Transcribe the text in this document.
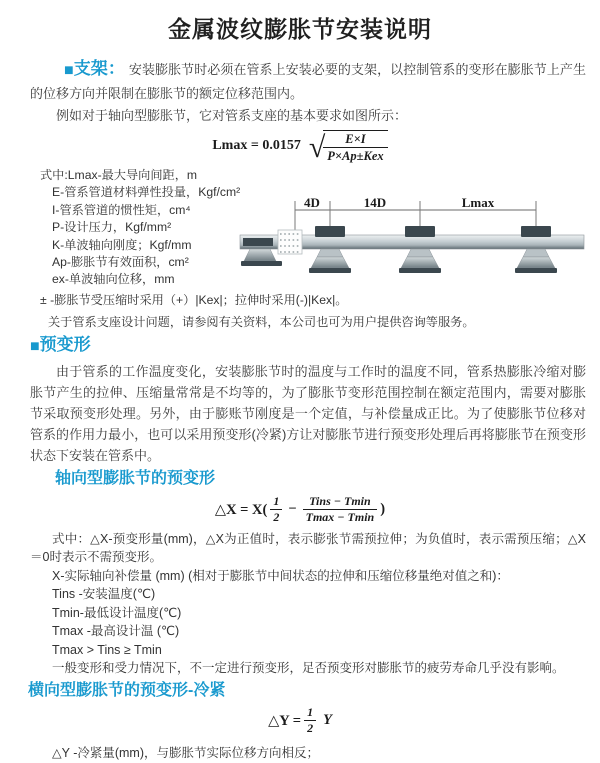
金属波纹膨胀节安装说明
■支架： 安装膨胀节时必须在管系上安装必要的支架，以控制管系的变形在膨胀节上产生的位移方向并限制在膨胀节的额定位移范围内。
例如对于轴向型膨胀节，它对管系支座的基本要求如图所示：
Lmax = 0.0157 √
$\frac{E\times I}{\text{P×Ap±Kex}}$
式中:Lmax-最大导向间距，m
E-管系管道材料弹性投量，Kgf/cm²
I-管系管道的惯性矩，cm⁴
P-设计压力，Kgf/mm²
K-单波轴向刚度；Kgf/mm
Ap-膨胀节有效面积，cm²
ex-单波轴向位移，mm
4D	14D	Lmax
± -膨胀节受压缩时采用（+）|Kex|；拉伸时采用(-)|Kex|。
关于管系支座设计问题，请参阅有关资料，本公司也可为用户提供咨询等服务。
■预变形
由于管系的工作温度变化，安装膨胀节时的温度与工作时的温度不同，管系热膨胀冷缩对膨胀节产生的拉伸、压缩量常常是不均等的，为了膨胀节变形范围控制在额定范围内，需要对膨胀节采取预变形处理。另外，由于膨账节刚度是一个定值，与补偿量成正比。为了使膨胀节位移对管系的作用力最小，也可以采用预变形(冷紧)方让对膨胀节进行预变形处理后再将膨胀节在预变形状态下安装在管系中。
轴向型膨胀节的预变形
△X = $X( \frac{1}{2} - \frac{\text{Tins − Tmin}}{Tmax - Tmin}$ )
式中：△X-预变形量(mm)，△X为正值时，表示膨张节需预拉伸；为负值时，表示需预压缩；△X＝0时表示不需预变形。
X-实际轴向补偿量 (mm) (相对于膨胀节中间状态的拉伸和压缩位移量绝对值之和)：
Tins -安装温度(℃)
Tmin-最低设计温度(℃)
Tmax -最高设计温 (℃)
Tmax > Tins ≥ Tmin
一般变形和受力情况下，不一定进行预变形，足否预变形对膨胀节的疲劳寿命几乎没有影响。
横向型膨胀节的预变形-冷紧
△Y = $\frac{1}{2}$ Y
△Y -冷紧量(mm)，与膨胀节实际位移方向相反；
